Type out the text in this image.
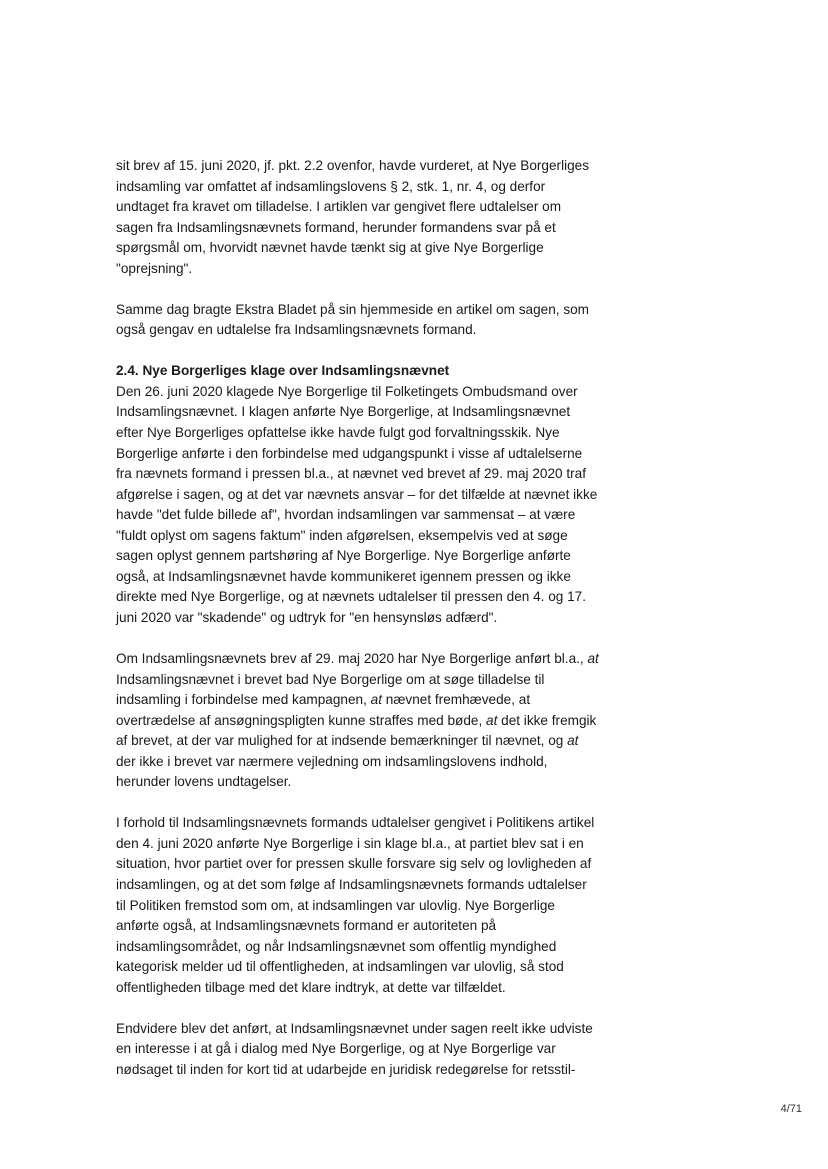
sit brev af 15. juni 2020, jf. pkt. 2.2 ovenfor, havde vurderet, at Nye Borgerliges indsamling var omfattet af indsamlingslovens § 2, stk. 1, nr. 4, og derfor undtaget fra kravet om tilladelse. I artiklen var gengivet flere udtalelser om sagen fra Indsamlingsnævnets formand, herunder formandens svar på et spørgsmål om, hvorvidt nævnet havde tænkt sig at give Nye Borgerlige "oprejsning".

Samme dag bragte Ekstra Bladet på sin hjemmeside en artikel om sagen, som også gengav en udtalelse fra Indsamlingsnævnets formand.

2.4. Nye Borgerliges klage over Indsamlingsnævnet

Den 26. juni 2020 klagede Nye Borgerlige til Folketingets Ombudsmand over Indsamlingsnævnet. I klagen anførte Nye Borgerlige, at Indsamlingsnævnet efter Nye Borgerliges opfattelse ikke havde fulgt god forvaltningsskik. Nye Borgerlige anførte i den forbindelse med udgangspunkt i visse af udtalelserne fra nævnets formand i pressen bl.a., at nævnet ved brevet af 29. maj 2020 traf afgørelse i sagen, og at det var nævnets ansvar – for det tilfælde at nævnet ikke havde "det fulde billede af", hvordan indsamlingen var sammensat – at være "fuldt oplyst om sagens faktum" inden afgørelsen, eksempelvis ved at søge sagen oplyst gennem partshøring af Nye Borgerlige. Nye Borgerlige anførte også, at Indsamlingsnævnet havde kommunikeret igennem pressen og ikke direkte med Nye Borgerlige, og at nævnets udtalelser til pressen den 4. og 17. juni 2020 var "skadende" og udtryk for "en hensynsløs adfærd".

Om Indsamlingsnævnets brev af 29. maj 2020 har Nye Borgerlige anført bl.a., at Indsamlingsnævnet i brevet bad Nye Borgerlige om at søge tilladelse til indsamling i forbindelse med kampagnen, at nævnet fremhævede, at overtrædelse af ansøgningspligten kunne straffes med bøde, at det ikke fremgik af brevet, at der var mulighed for at indsende bemærkninger til nævnet, og at der ikke i brevet var nærmere vejledning om indsamlingslovens indhold, herunder lovens undtagelser.

I forhold til Indsamlingsnævnets formands udtalelser gengivet i Politikens artikel den 4. juni 2020 anførte Nye Borgerlige i sin klage bl.a., at partiet blev sat i en situation, hvor partiet over for pressen skulle forsvare sig selv og lovligheden af indsamlingen, og at det som følge af Indsamlingsnævnets formands udtalelser til Politiken fremstod som om, at indsamlingen var ulovlig. Nye Borgerlige anførte også, at Indsamlingsnævnets formand er autoriteten på indsamlingsområdet, og når Indsamlingsnævnet som offentlig myndighed kategorisk melder ud til offentligheden, at indsamlingen var ulovlig, så stod offentligheden tilbage med det klare indtryk, at dette var tilfældet.

Endvidere blev det anført, at Indsamlingsnævnet under sagen reelt ikke udviste en interesse i at gå i dialog med Nye Borgerlige, og at Nye Borgerlige var nødsaget til inden for kort tid at udarbejde en juridisk redegørelse for retsstil-

4/71
